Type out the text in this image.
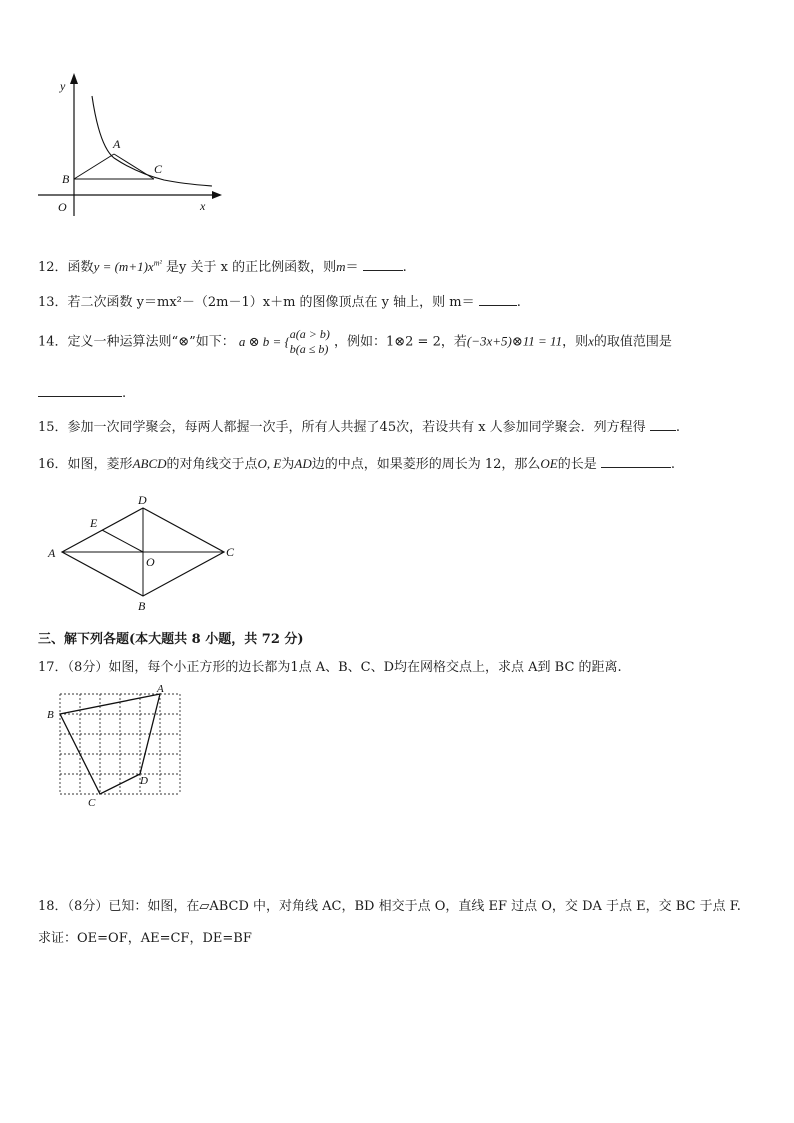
y
A
B
C
O	x
12．函数$y = (m+1)x^{m^2}$ 是y 关于 x 的正比例函数，则m＝	.
13．若二次函数 y＝mx²－（2m－1）x＋m 的图像顶点在 y 轴上，则 m＝	.
14．定义一种运算法则“⊗”如下： a ⊗ b = { a(a > b)
b(a ≤ b) ，例如：1⊗2 = 2，若(−3x+5)⊗11 = 11，则x的取值范围是
.
15．参加一次同学聚会，每两人都握一次手，所有人共握了45次，若设共有 x 人参加同学聚会．列方程得 .
16．如图，菱形ABCD的对角线交于点O, E为AD边的中点，如果菱形的周长为 12，那么OE的长是	.
A	C
D
B
E
O
三、解下列各题(本大题共 8 小题，共 72 分)
17．（8分）如图，每个小正方形的边长都为1点 A、B、C、D均在网格交点上，求点 A到 BC 的距离.
A
B
C
D
18．（8分）已知：如图，在▱ABCD 中，对角线 AC，BD 相交于点 O，直线 EF 过点 O，交 DA 于点 E，交 BC 于点 F.
求证：OE=OF，AE=CF，DE=BF
